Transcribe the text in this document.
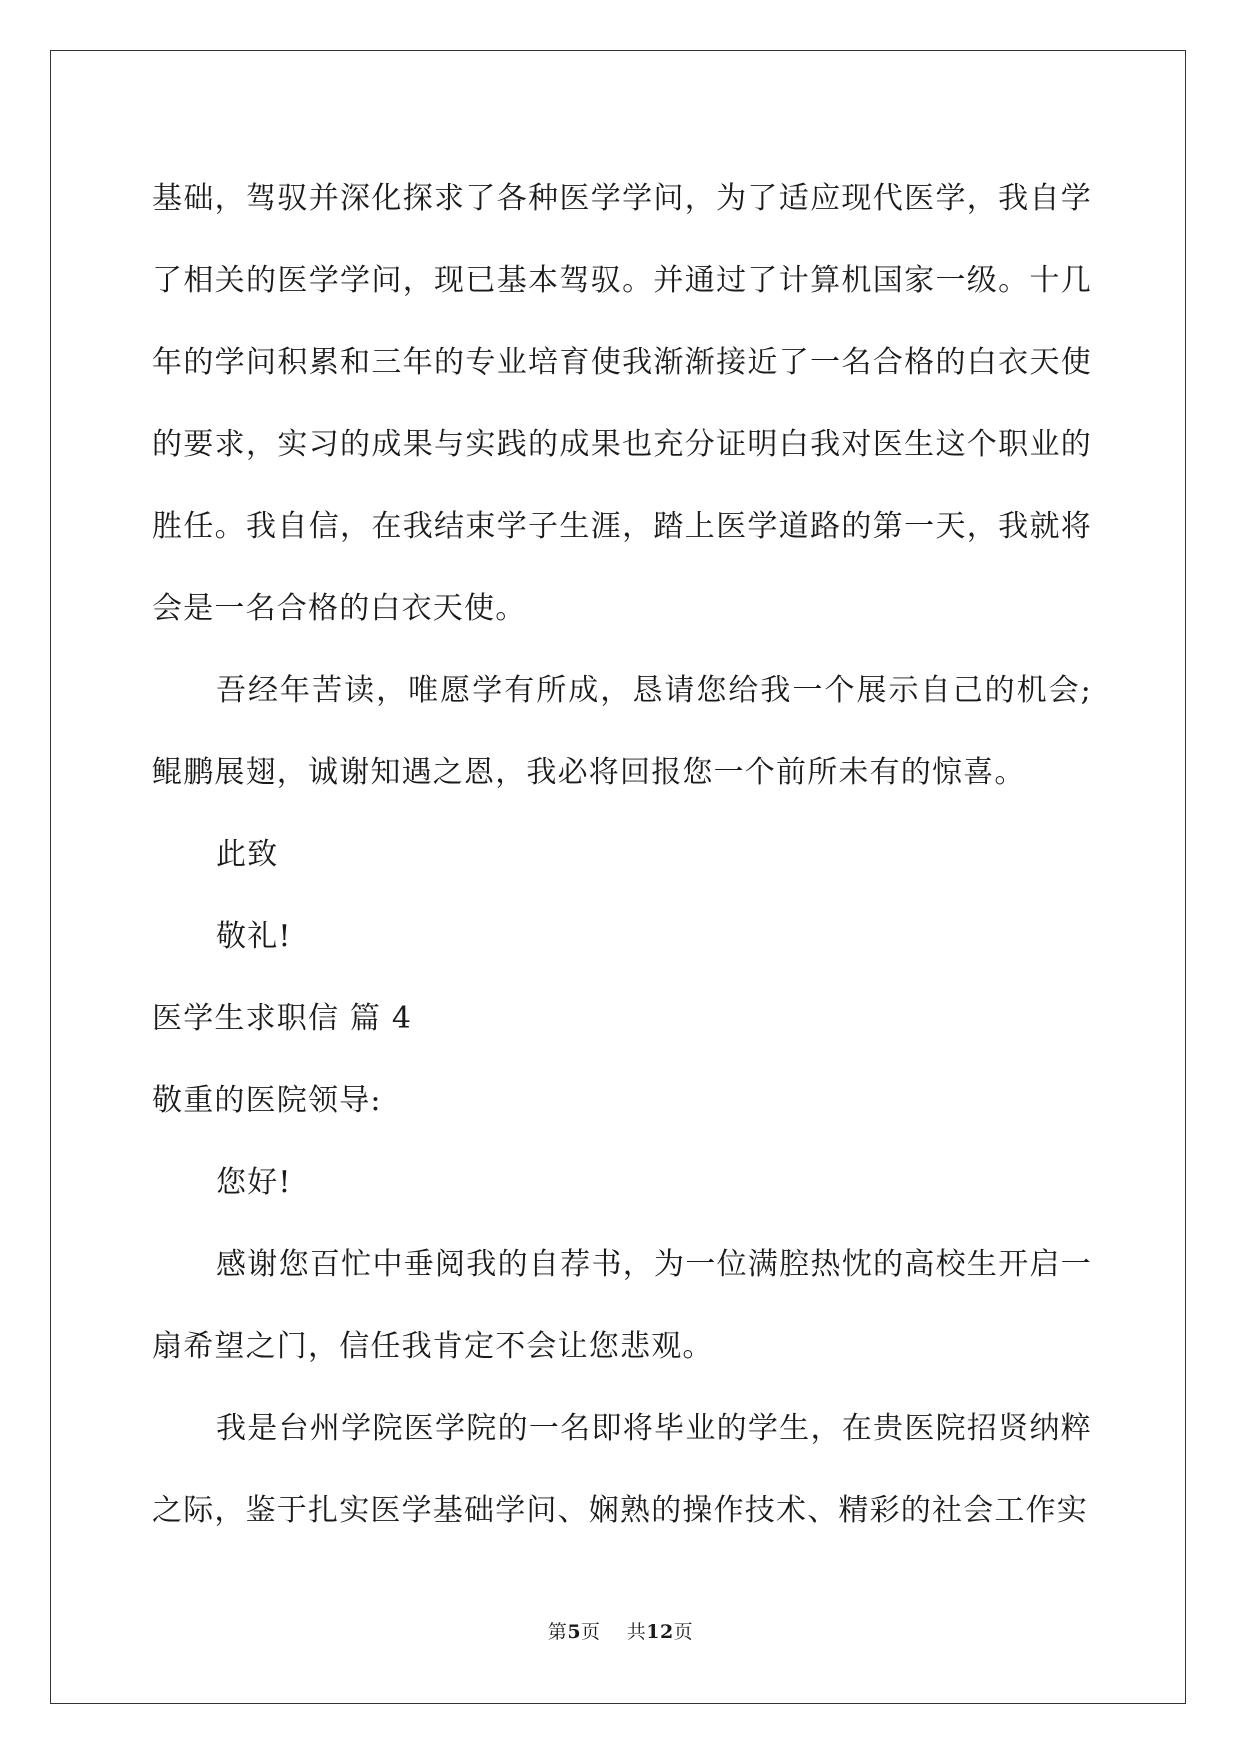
基础，驾驭并深化探求了各种医学学问，为了适应现代医学，我自学了相关的医学学问，现已基本驾驭。并通过了计算机国家一级。十几年的学问积累和三年的专业培育使我渐渐接近了一名合格的白衣天使的要求，实习的成果与实践的成果也充分证明白我对医生这个职业的胜任。我自信，在我结束学子生涯，踏上医学道路的第一天，我就将会是一名合格的白衣天使。

吾经年苦读，唯愿学有所成，恳请您给我一个展示自己的机会;鲲鹏展翅，诚谢知遇之恩，我必将回报您一个前所未有的惊喜。

此致

敬礼!

医学生求职信 篇 4

敬重的医院领导:

您好!

感谢您百忙中垂阅我的自荐书，为一位满腔热忱的高校生开启一扇希望之门，信任我肯定不会让您悲观。

我是台州学院医学院的一名即将毕业的学生，在贵医院招贤纳粹之际，鉴于扎实医学基础学问、娴熟的操作技术、精彩的社会工作实

第5页    共12页
